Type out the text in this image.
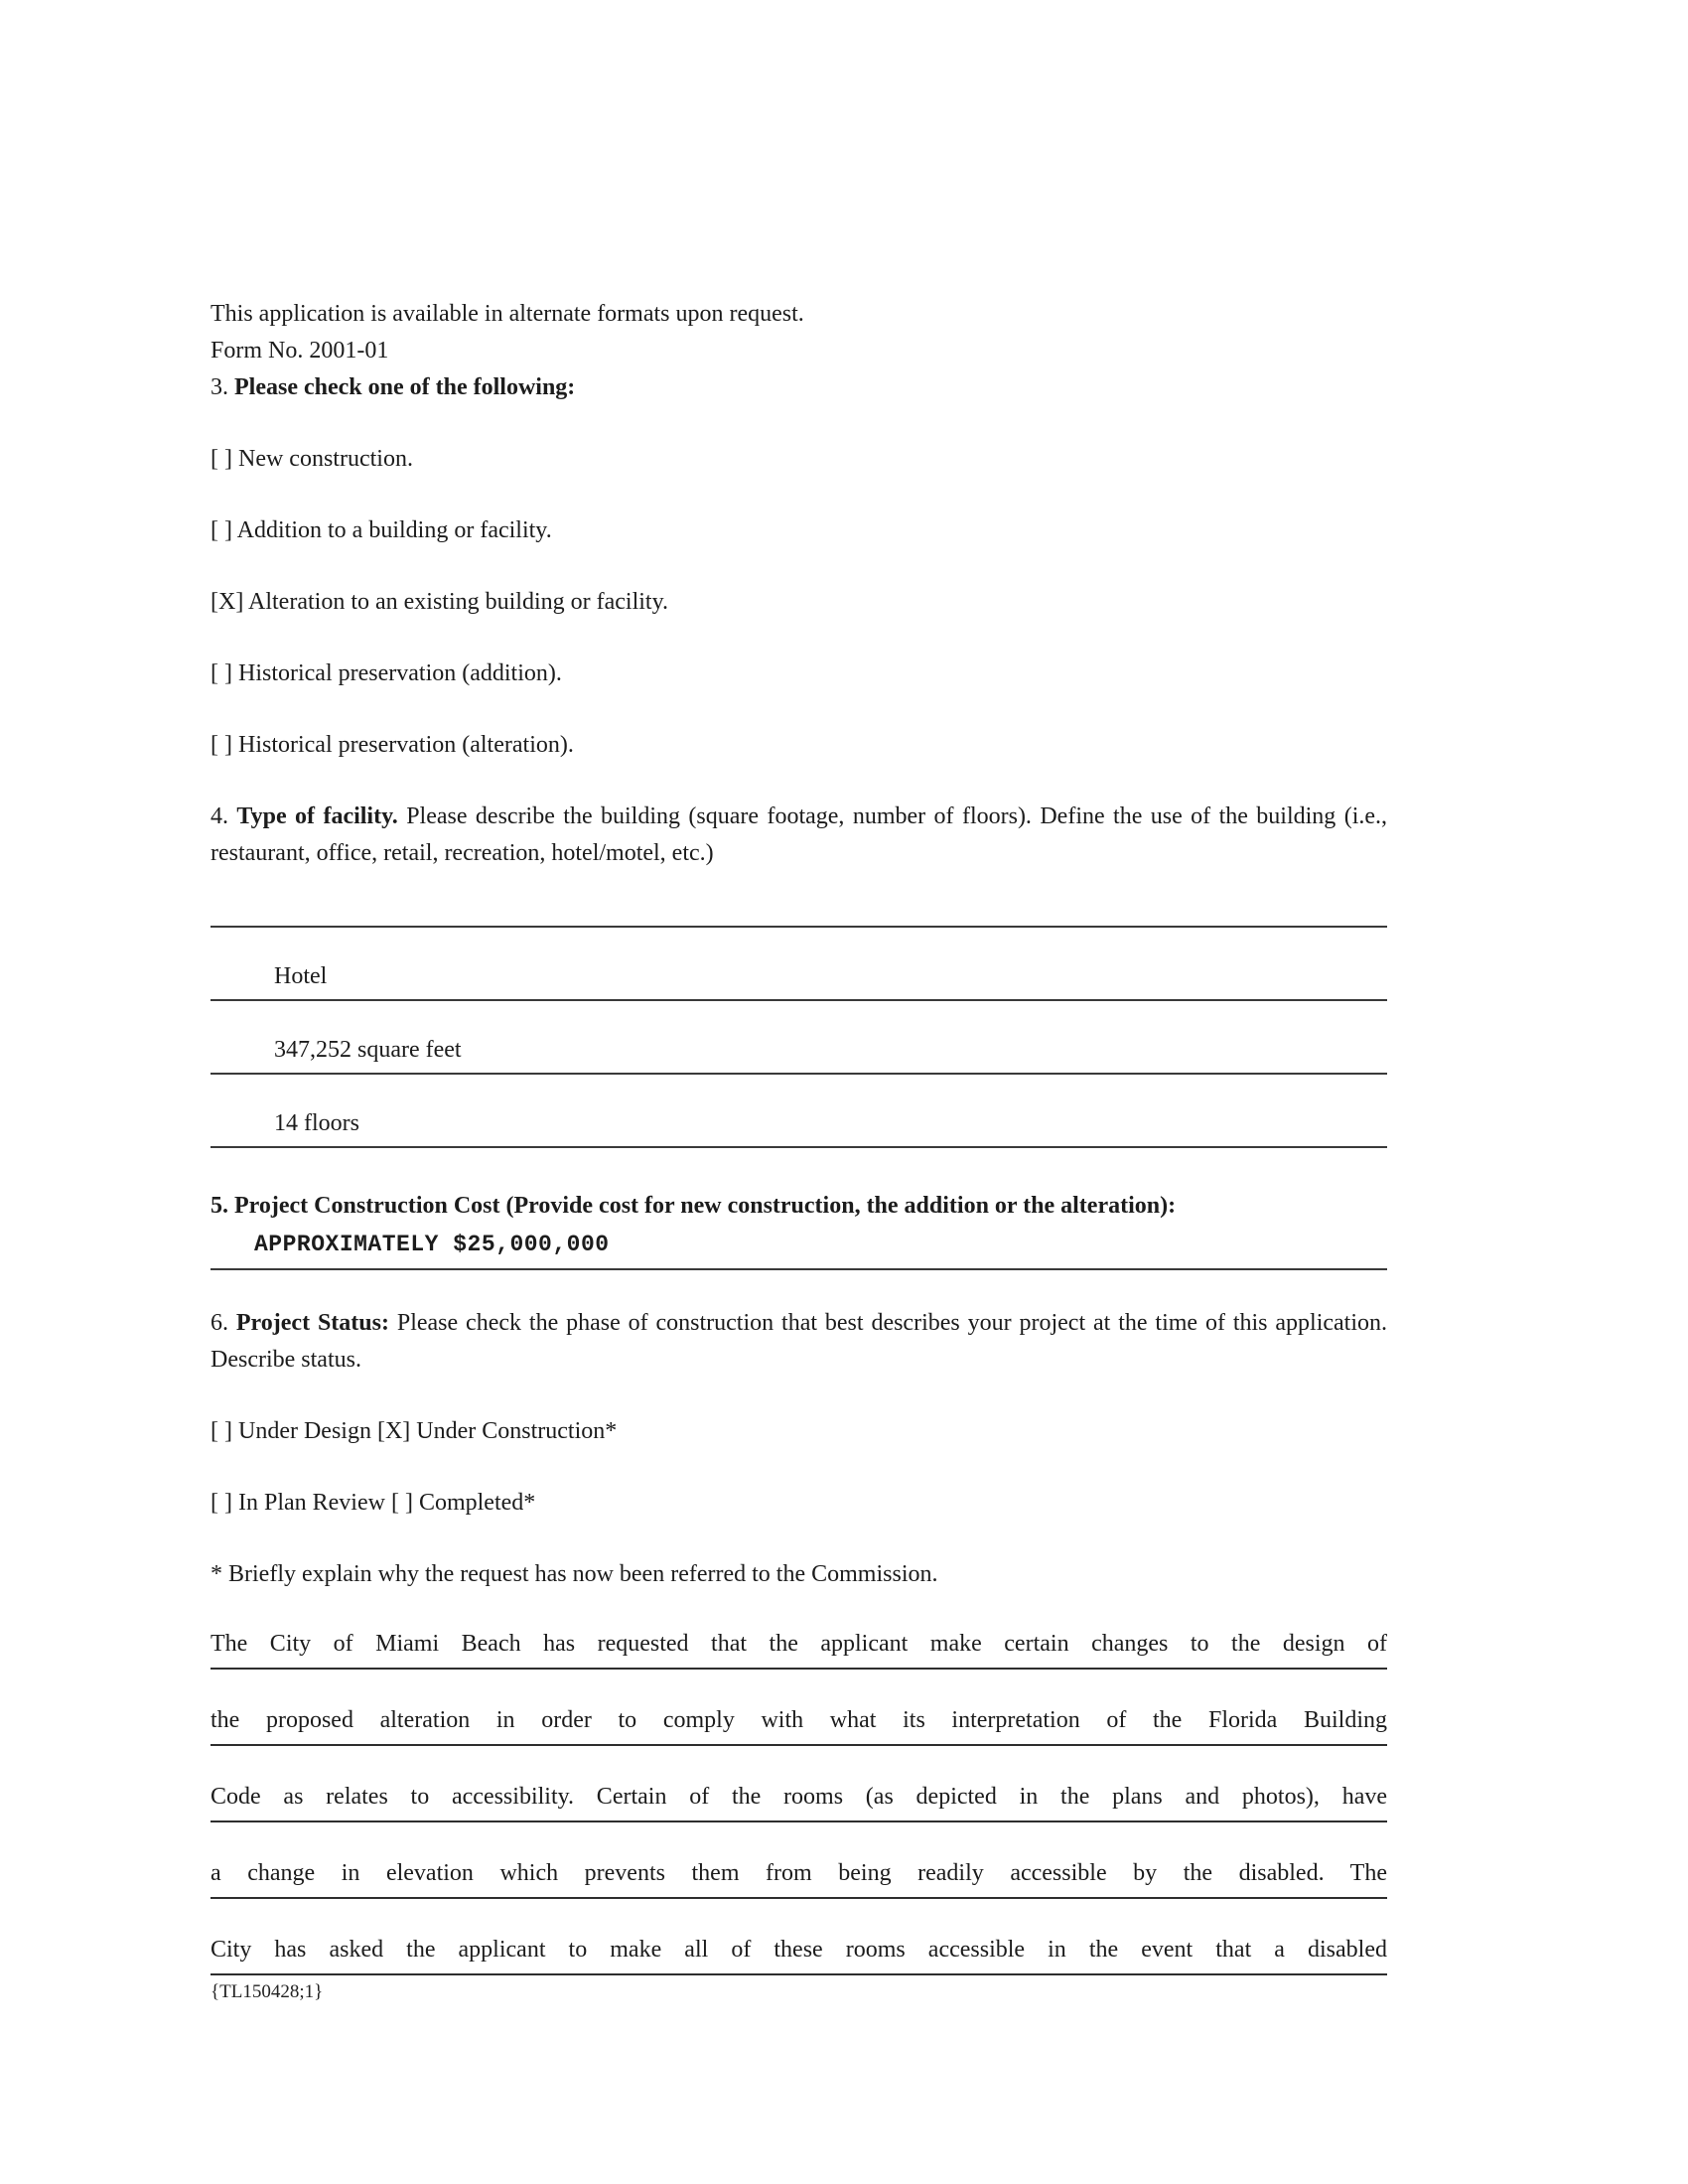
This application is available in alternate formats upon request.

Form No. 2001-01

3. Please check one of the following:

[ ] New construction.
[ ] Addition to a building or facility.
[X] Alteration to an existing building or facility.
[ ] Historical preservation (addition).
[ ] Historical preservation (alteration).

4. Type of facility. Please describe the building (square footage, number of floors). Define the use of the building (i.e., restaurant, office, retail, recreation, hotel/motel, etc.)

Hotel
347,252 square feet
14 floors

5. Project Construction Cost (Provide cost for new construction, the addition or the alteration):

APPROXIMATELY $25,000,000

6. Project Status: Please check the phase of construction that best describes your project at the time of this application. Describe status.

[ ] Under Design [X] Under Construction*
[ ] In Plan Review [ ] Completed*

* Briefly explain why the request has now been referred to the Commission.

The City of Miami Beach has requested that the applicant make certain changes to the design of
the proposed alteration in order to comply with what its interpretation of the Florida Building
Code as relates to accessibility. Certain of the rooms (as depicted in the plans and photos), have
a change in elevation which prevents them from being readily accessible by the disabled. The
City has asked the applicant to make all of these rooms accessible in the event that a disabled
{TL150428;1}
